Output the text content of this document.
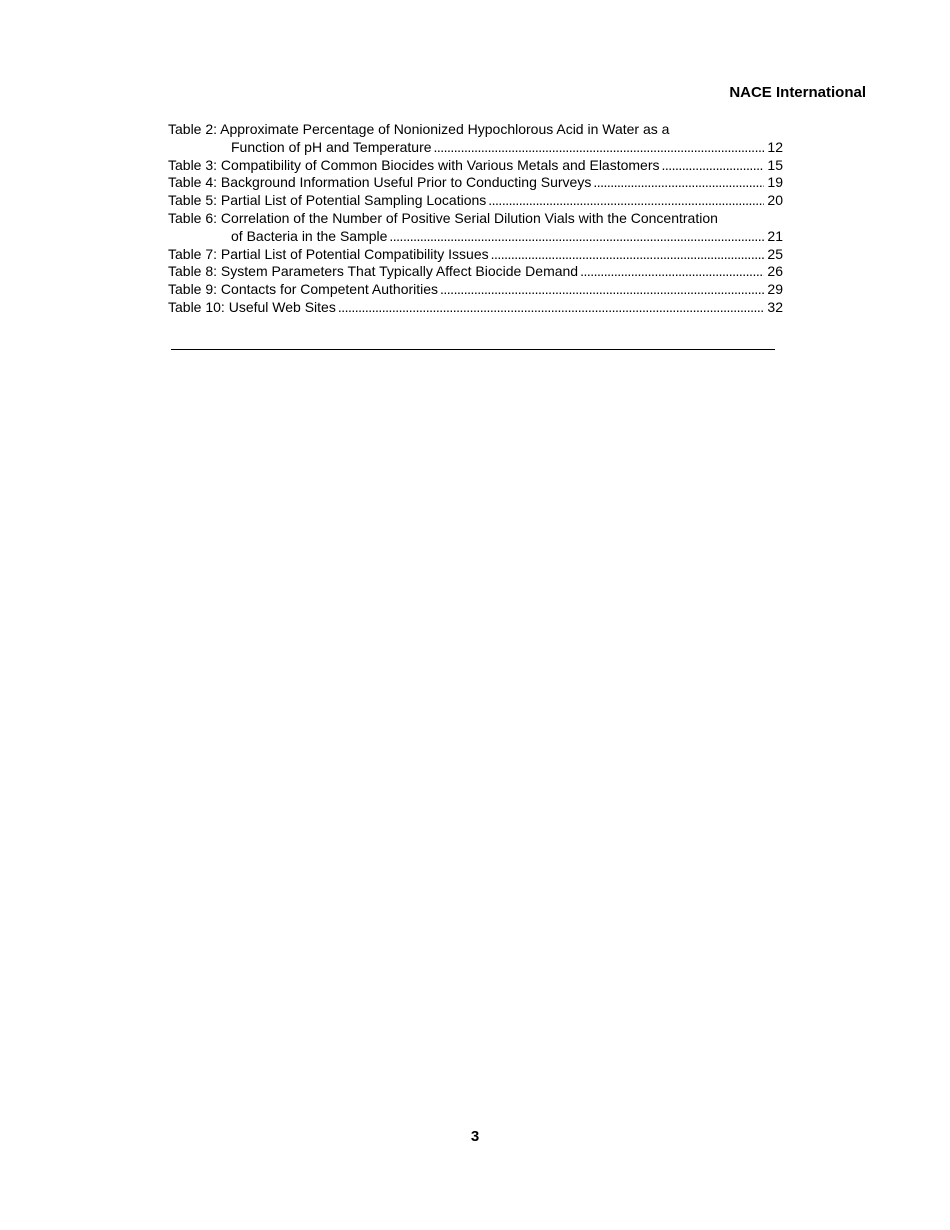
NACE International
Table 2: Approximate Percentage of Nonionized Hypochlorous Acid in Water as a
Function of pH and Temperature . . .	12
Table 3: Compatibility of Common Biocides with Various Metals and Elastomers . . .	15
Table 4: Background Information Useful Prior to Conducting Surveys . . .	19
Table 5: Partial List of Potential Sampling Locations . . .	20
Table 6: Correlation of the Number of Positive Serial Dilution Vials with the Concentration
of Bacteria in the Sample . . .	21
Table 7: Partial List of Potential Compatibility Issues . . .	25
Table 8: System Parameters That Typically Affect Biocide Demand . . .	26
Table 9: Contacts for Competent Authorities . . .	29
Table 10: Useful Web Sites . . .	32
3
